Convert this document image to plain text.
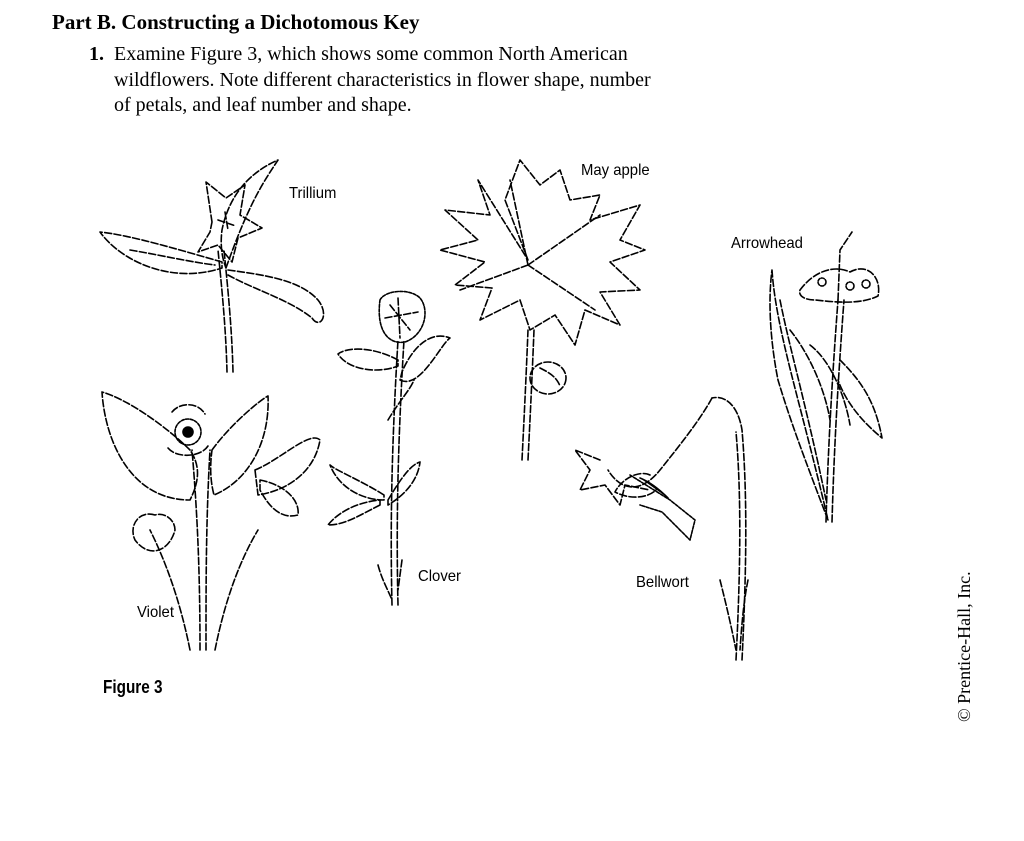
Part B. Constructing a Dichotomous Key
1. Examine Figure 3, which shows some common North American
wildflowers. Note different characteristics in flower shape, number
of petals, and leaf number and shape.
Trillium
May apple
Arrowhead
Clover
Violet
Bellwort
Figure 3	© Prentice-Hall, Inc.
